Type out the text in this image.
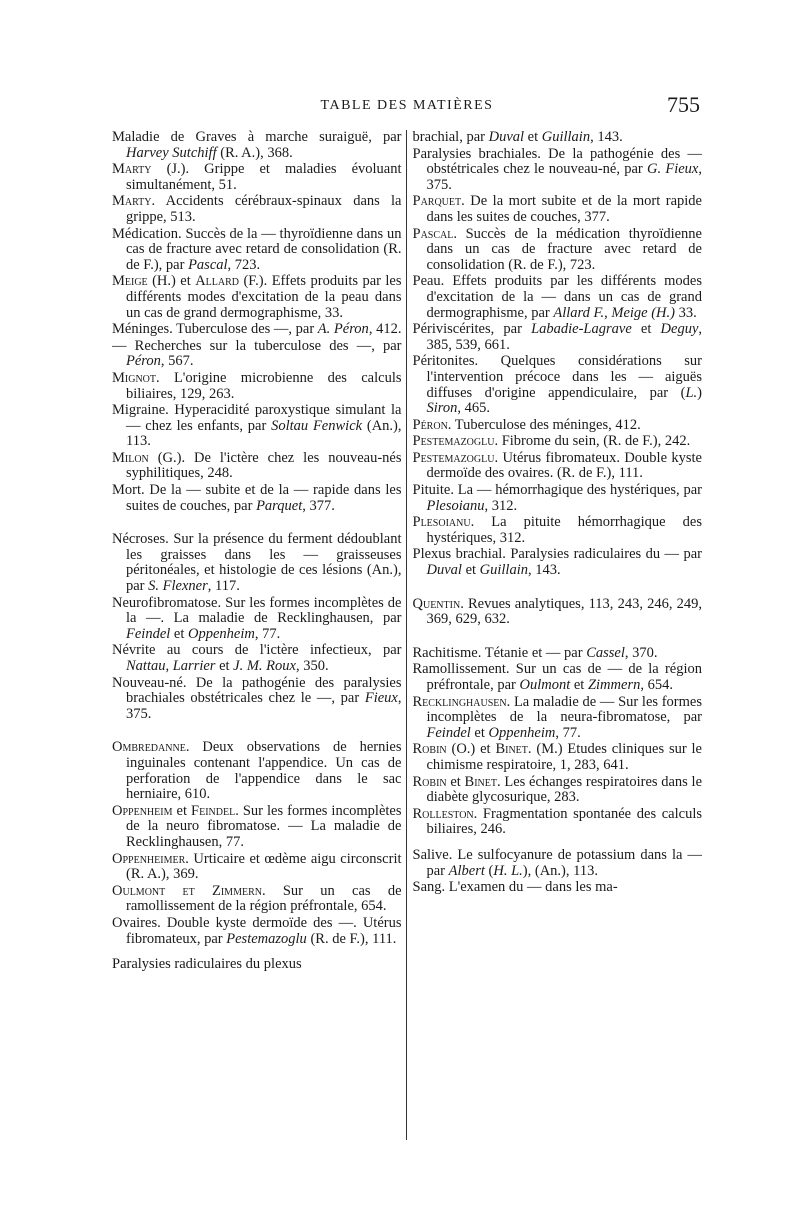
TABLE DES MATIÈRES	755

Maladie de Graves à marche suraiguë, par Harvey Sutchiff (R. A.), 368.

Marty (J.). Grippe et maladies évoluant simultanément, 51.

Marty. Accidents cérébraux-spinaux dans la grippe, 513.

Médication. Succès de la — thyroïdienne dans un cas de fracture avec retard de consolidation (R. de F.), par Pascal, 723.

Meige (H.) et Allard (F.). Effets produits par les différents modes d'excitation de la peau dans un cas de grand dermographisme, 33.

Méninges. Tuberculose des —, par A. Péron, 412.

— Recherches sur la tuberculose des —, par Péron, 567.

Mignot. L'origine microbienne des calculs biliaires, 129, 263.

Migraine. Hyperacidité paroxystique simulant la — chez les enfants, par Soltau Fenwick (An.), 113.

Milon (G.). De l'ictère chez les nouveau-nés syphilitiques, 248.

Mort. De la — subite et de la — rapide dans les suites de couches, par Parquet, 377.

Nécroses. Sur la présence du ferment dédoublant les graisses dans les — graisseuses péritonéales, et histologie de ces lésions (An.), par S. Flexner, 117.

Neurofibromatose. Sur les formes incomplètes de la —. La maladie de Recklinghausen, par Feindel et Oppenheim, 77.

Névrite au cours de l'ictère infectieux, par Nattau, Larrier et J. M. Roux, 350.

Nouveau-né. De la pathogénie des paralysies brachiales obstétricales chez le —, par Fieux, 375.

Ombredanne. Deux observations de hernies inguinales contenant l'appendice. Un cas de perforation de l'appendice dans le sac herniaire, 610.

Oppenheim et Feindel. Sur les formes incomplètes de la neuro fibromatose. — La maladie de Recklinghausen, 77.

Oppenheimer. Urticaire et œdème aigu circonscrit (R. A.), 369.

Oulmont et Zimmern. Sur un cas de ramollissement de la région préfrontale, 654.

Ovaires. Double kyste dermoïde des —. Utérus fibromateux, par Pestemazoglu (R. de F.), 111.

Paralysies radiculaires du plexus

brachial, par Duval et Guillain, 143.

Paralysies brachiales. De la pathogénie des — obstétricales chez le nouveau-né, par G. Fieux, 375.

Parquet. De la mort subite et de la mort rapide dans les suites de couches, 377.

Pascal. Succès de la médication thyroïdienne dans un cas de fracture avec retard de consolidation (R. de F.), 723.

Peau. Effets produits par les différents modes d'excitation de la — dans un cas de grand dermographisme, par Allard F., Meige (H.) 33.

Périviscérites, par Labadie-Lagrave et Deguy, 385, 539, 661.

Péritonites. Quelques considérations sur l'intervention précoce dans les — aiguës diffuses d'origine appendiculaire, par (L.) Siron, 465.

Péron. Tuberculose des méninges, 412.

Pestemazoglu. Fibrome du sein, (R. de F.), 242.

Pestemazoglu. Utérus fibromateux. Double kyste dermoïde des ovaires. (R. de F.), 111.

Pituite. La — hémorrhagique des hystériques, par Plesoianu, 312.

Plesoianu. La pituite hémorrhagique des hystériques, 312.

Plexus brachial. Paralysies radiculaires du — par Duval et Guillain, 143.

Quentin. Revues analytiques, 113, 243, 246, 249, 369, 629, 632.

Rachitisme. Tétanie et — par Cassel, 370.

Ramollissement. Sur un cas de — de la région préfrontale, par Oulmont et Zimmern, 654.

Recklinghausen. La maladie de — Sur les formes incomplètes de la neura-fibromatose, par Feindel et Oppenheim, 77.

Robin (O.) et Binet. (M.) Etudes cliniques sur le chimisme respiratoire, 1, 283, 641.

Robin et Binet. Les échanges respiratoires dans le diabète glycosurique, 283.

Rolleston. Fragmentation spontanée des calculs biliaires, 246.

Salive. Le sulfocyanure de potassium dans la — par Albert (H. L.), (An.), 113.

Sang. L'examen du — dans les ma-
